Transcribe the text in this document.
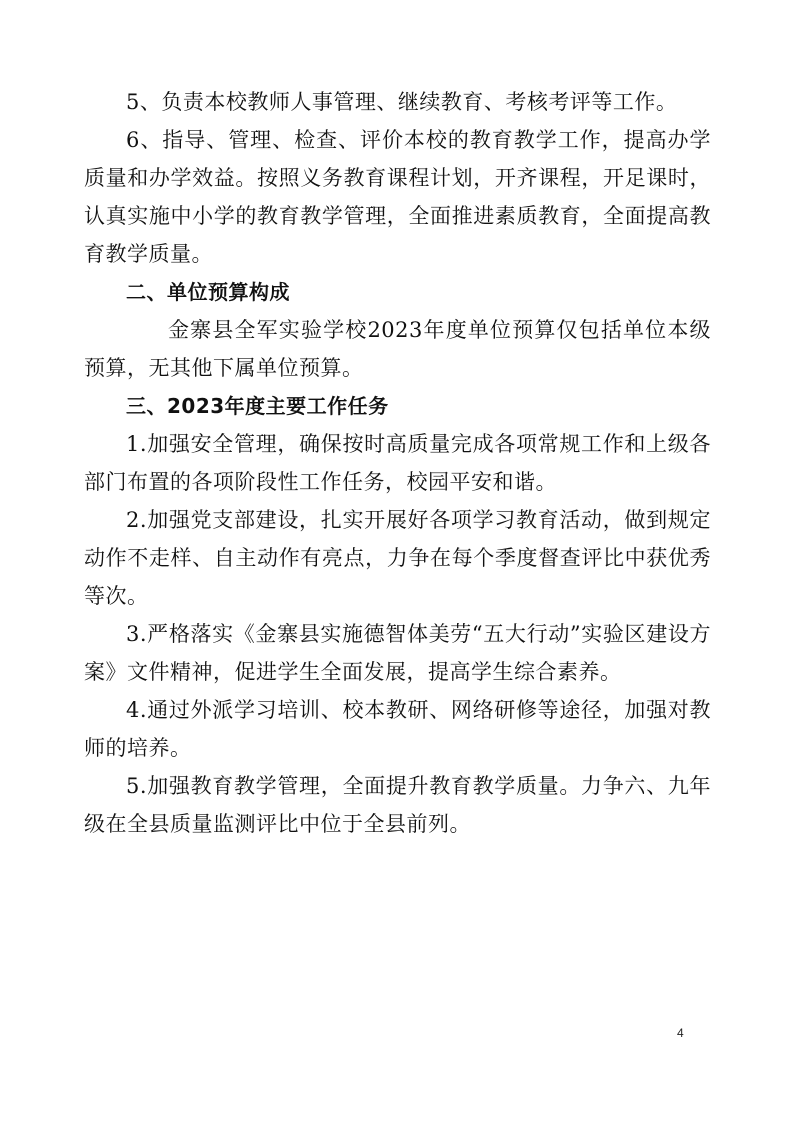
5、负责本校教师人事管理、继续教育、考核考评等工作。

6、指导、管理、检查、评价本校的教育教学工作，提高办学质量和办学效益。按照义务教育课程计划，开齐课程，开足课时，认真实施中小学的教育教学管理，全面推进素质教育，全面提高教育教学质量。

二、单位预算构成

金寨县全军实验学校2023年度单位预算仅包括单位本级预算，无其他下属单位预算。

三、2023年度主要工作任务

1.加强安全管理，确保按时高质量完成各项常规工作和上级各部门布置的各项阶段性工作任务，校园平安和谐。

2.加强党支部建设，扎实开展好各项学习教育活动，做到规定动作不走样、自主动作有亮点，力争在每个季度督查评比中获优秀等次。

3.严格落实《金寨县实施德智体美劳“五大行动”实验区建设方案》文件精神，促进学生全面发展，提高学生综合素养。

4.通过外派学习培训、校本教研、网络研修等途径，加强对教师的培养。

5.加强教育教学管理，全面提升教育教学质量。力争六、九年级在全县质量监测评比中位于全县前列。

4
